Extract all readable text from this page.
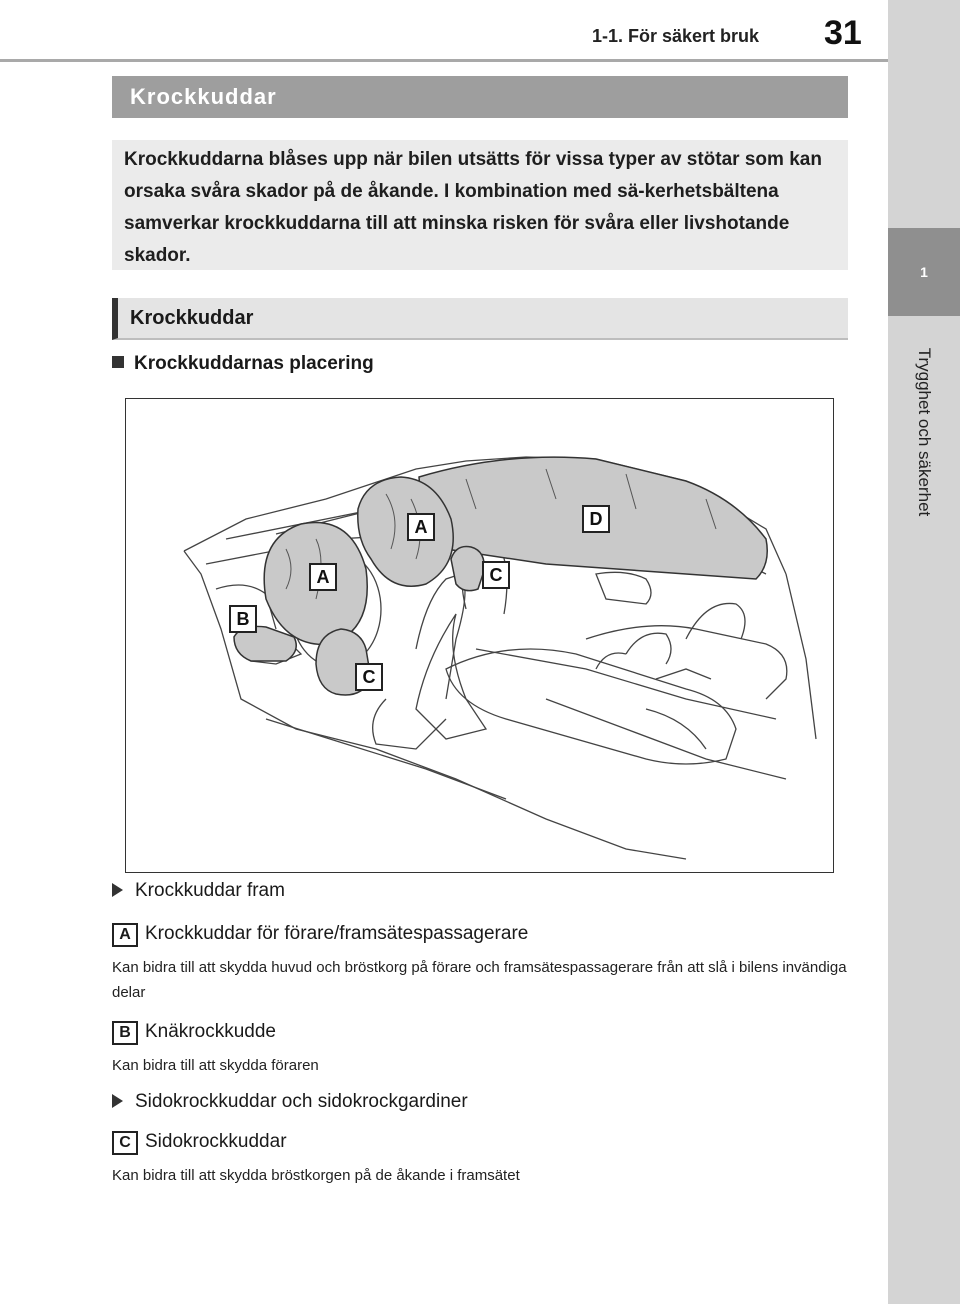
1-1. För säkert bruk 31
1
Trygghet och säkerhet
Krockkuddar
Krockkuddarna blåses upp när bilen utsätts för vissa typer av stötar som kan orsaka svåra skador på de åkande. I kombination med sä-kerhetsbältena samverkar krockkuddarna till att minska risken för svåra eller livshotande skador.
Krockkuddar
Krockkuddarnas placering
A	D
A	C
B
C
Krockkuddar fram
A Krockkuddar för förare/framsätespassagerare
Kan bidra till att skydda huvud och bröstkorg på förare och framsätespassagerare från att slå i bilens invändiga delar
B Knäkrockkudde
Kan bidra till att skydda föraren
Sidokrockkuddar och sidokrockgardiner
C Sidokrockkuddar
Kan bidra till att skydda bröstkorgen på de åkande i framsätet
